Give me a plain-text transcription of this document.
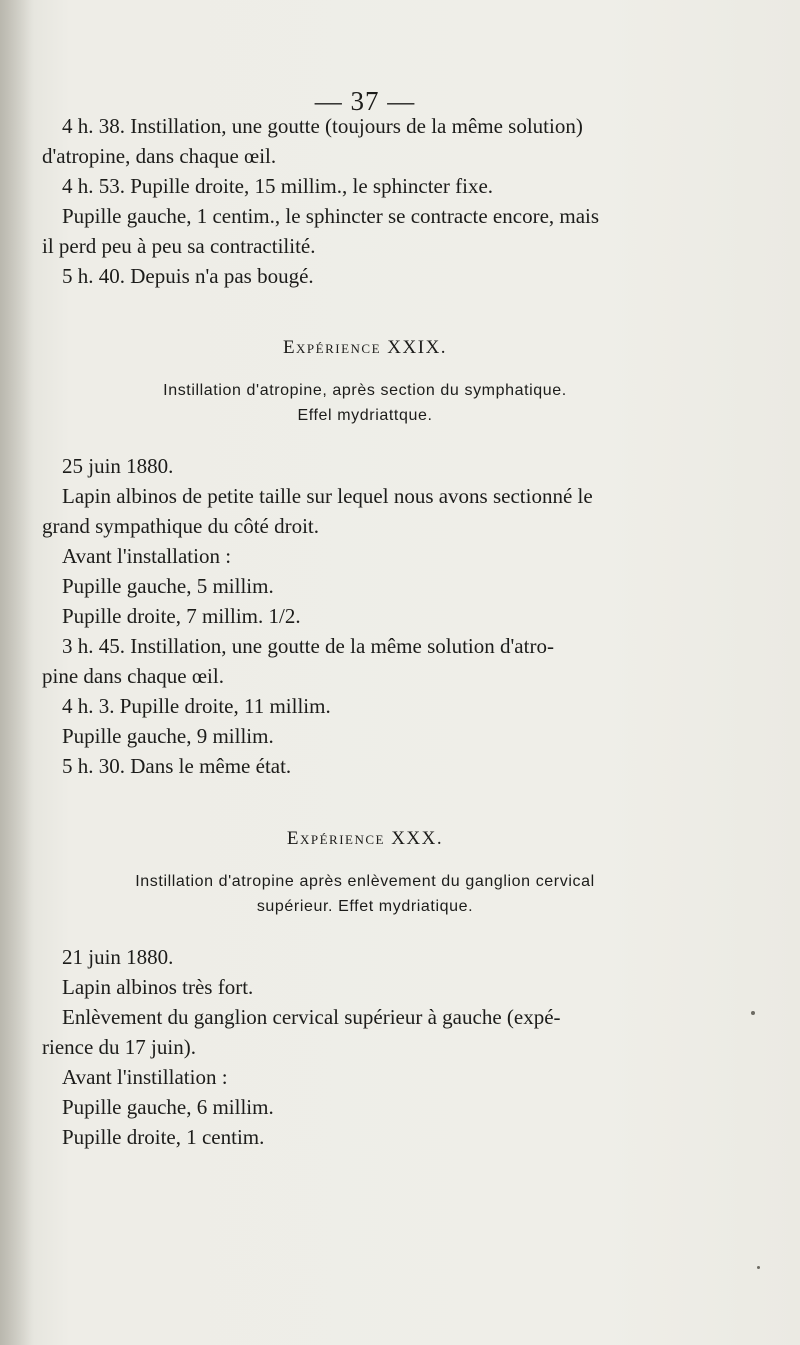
— 37 —
4 h. 38. Instillation, une goutte (toujours de la même solution)
d'atropine, dans chaque œil.
4 h. 53. Pupille droite, 15 millim., le sphincter fixe.
Pupille gauche, 1 centim., le sphincter se contracte encore, mais
il perd peu à peu sa contractilité.
5 h. 40. Depuis n'a pas bougé.
Expérience XXIX.
Instillation d'atropine, après section du symphatique.
Effel mydriattque.
25 juin 1880.
Lapin albinos de petite taille sur lequel nous avons sectionné le
grand sympathique du côté droit.
Avant l'installation :
Pupille gauche, 5 millim.
Pupille droite, 7 millim. 1/2.
3 h. 45. Instillation, une goutte de la même solution d'atro-
pine dans chaque œil.
4 h. 3. Pupille droite, 11 millim.
Pupille gauche, 9 millim.
5 h. 30. Dans le même état.
Expérience XXX.
Instillation d'atropine après enlèvement du ganglion cervical
supérieur. Effet mydriatique.
21 juin 1880.
Lapin albinos très fort.
Enlèvement du ganglion cervical supérieur à gauche (expé-
rience du 17 juin).
Avant l'instillation :
Pupille gauche, 6 millim.
Pupille droite, 1 centim.
